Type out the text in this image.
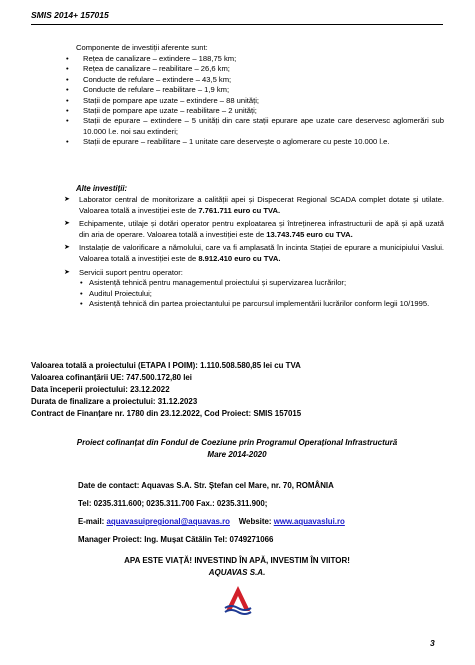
SMIS 2014+ 157015
Componente de investiții aferente sunt:
• Rețea de canalizare – extindere – 188,75 km;
• Rețea de canalizare – reabilitare – 26,6 km;
• Conducte de refulare – extindere – 43,5 km;
• Conducte de refulare – reabilitare – 1,9 km;
• Stații de pompare ape uzate – extindere – 88 unități;
• Stații de pompare ape uzate – reabilitare – 2 unități;
• Stații de epurare – extindere – 5 unități din care stații epurare ape uzate care deservesc aglomerări sub 10.000 l.e. noi sau extinderi;
• Stații de epurare – reabilitare – 1 unitate care deservește o aglomerare cu peste 10.000 l.e.
Alte investiții:
➤ Laborator central de monitorizare a calității apei și Dispecerat Regional SCADA complet dotate și utilate. Valoarea totală a investiției este de 7.761.711 euro cu TVA.
➤ Echipamente, utilaje și dotări operator pentru exploatarea și întreținerea infrastructurii de apă și apă uzată din aria de operare. Valoarea totală a investiției este de 13.743.745 euro cu TVA.
➤ Instalație de valorificare a nămolului, care va fi amplasată în incinta Stației de epurare a municipiului Vaslui. Valoarea totală a investiției este de 8.912.410 euro cu TVA.
➤ Servicii suport pentru operator:
• Asistență tehnică pentru managementul proiectului și supervizarea lucrărilor;
• Auditul Proiectului;
• Asistență tehnică din partea proiectantului pe parcursul implementării lucrărilor conform legii 10/1995.
Valoarea totală a proiectului (ETAPA I POIM): 1.110.508.580,85 lei cu TVA
Valoarea cofinanțării UE: 747.500.172,80 lei
Data începerii proiectului: 23.12.2022
Durata de finalizare a proiectului: 31.12.2023
Contract de Finanțare nr. 1780 din 23.12.2022, Cod Proiect: SMIS 157015
Proiect cofinanțat din Fondul de Coeziune prin Programul Operațional Infrastructură
Mare 2014-2020
Date de contact: Aquavas S.A. Str. Ștefan cel Mare, nr. 70, ROMÂNIA
Tel: 0235.311.600; 0235.311.700 Fax.: 0235.311.900;
E-mail: aquavasuipregional@aquavas.ro Website: www.aquavaslui.ro
Manager Proiect: Ing. Mușat Cătălin Tel: 0749271066
APA ESTE VIAȚĂ! INVESTIND ÎN APĂ, INVESTIM ÎN VIITOR!
AQUAVAS S.A.
3
